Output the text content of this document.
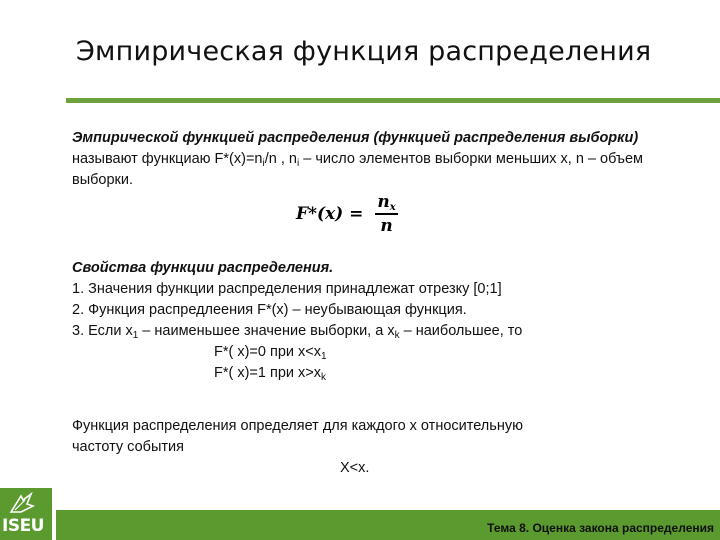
Эмпирическая функция распределения
Эмпирической функцией распределения (функцией распределения выборки) называют функциаю $F*(x)=n_i/n$ , $n_i$ – число элементов выборки меньших x, n – объем выборки.
$F*(x) = \frac{n_x}{n}$
Свойства функции распределения.
1. Значения функции распределения принадлежат отрезку [0;1]
2. Функция распредлеения F*(x) – неубывающая функция.
3. Если $x_1$ – наименьшее значение выборки, а $x_k$ – наибольшее, то
F*( x)=0 при $x<x_1$
F*( x)=1 при $x>x_k$
Функция распределения определяет для каждого x относительную
частоту события
X<x.
ISEU	Тема 8. Оценка закона распределения
